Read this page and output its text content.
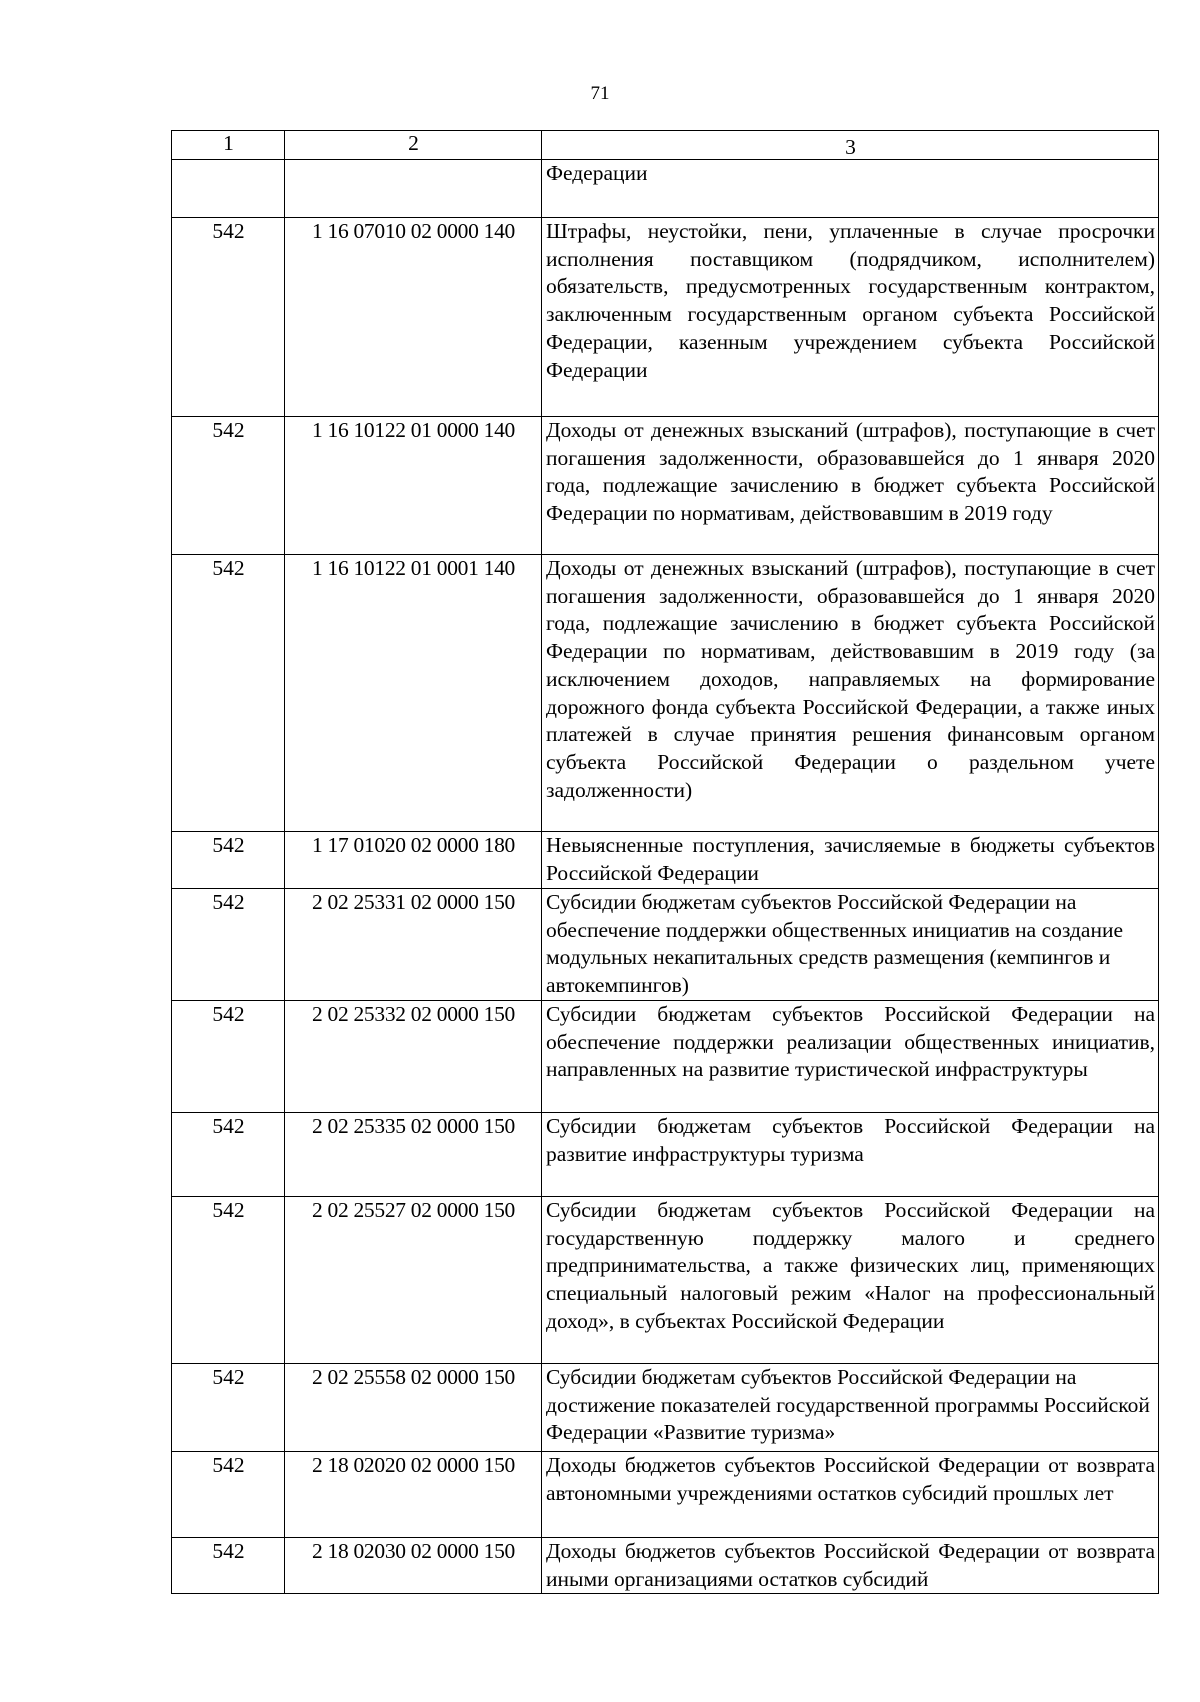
71
1	2	3
		Федерации
542	1 16 07010 02 0000 140	Штрафы, неустойки, пени, уплаченные в случае просрочки исполнения поставщиком (подрядчиком, исполнителем) обязательств, предусмотренных государственным контрактом, заключенным государственным органом субъекта Российской Федерации, казенным учреждением субъекта Российской Федерации
542	1 16 10122 01 0000 140	Доходы от денежных взысканий (штрафов), поступающие в счет погашения задолженности, образовавшейся до 1 января 2020 года, подлежащие зачислению в бюджет субъекта Российской Федерации по нормативам, действовавшим в 2019 году
542	1 16 10122 01 0001 140	Доходы от денежных взысканий (штрафов), поступающие в счет погашения задолженности, образовавшейся до 1 января 2020 года, подлежащие зачислению в бюджет субъекта Российской Федерации по нормативам, действовавшим в 2019 году (за исключением доходов, направляемых на формирование дорожного фонда субъекта Российской Федерации, а также иных платежей в случае принятия решения финансовым органом субъекта Российской Федерации о раздельном учете задолженности)
542	1 17 01020 02 0000 180	Невыясненные поступления, зачисляемые в бюджеты субъектов Российской Федерации
542	2 02 25331 02 0000 150	Субсидии бюджетам субъектов Российской Федерации на обеспечение поддержки общественных инициатив на создание модульных некапитальных средств размещения (кемпингов и автокемпингов)
542	2 02 25332 02 0000 150	Субсидии бюджетам субъектов Российской Федерации на обеспечение поддержки реализации общественных инициатив, направленных на развитие туристической инфраструктуры
542	2 02 25335 02 0000 150	Субсидии бюджетам субъектов Российской Федерации на развитие инфраструктуры туризма
542	2 02 25527 02 0000 150	Субсидии бюджетам субъектов Российской Федерации на государственную поддержку малого и среднего предпринимательства, а также физических лиц, применяющих специальный налоговый режим «Налог на профессиональный доход», в субъектах Российской Федерации
542	2 02 25558 02 0000 150	Субсидии бюджетам субъектов Российской Федерации на достижение показателей государственной программы Российской Федерации «Развитие туризма»
542	2 18 02020 02 0000 150	Доходы бюджетов субъектов Российской Федерации от возврата автономными учреждениями остатков субсидий прошлых лет
542	2 18 02030 02 0000 150	Доходы бюджетов субъектов Российской Федерации от возврата иными организациями остатков субсидий
